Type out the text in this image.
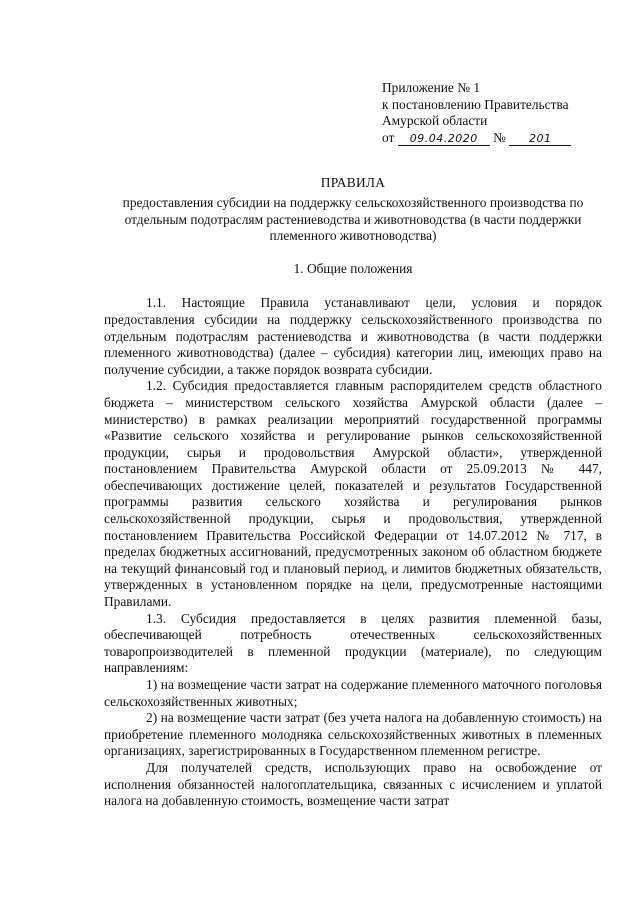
Приложение № 1
к постановлению Правительства
Амурской области
от 09.04.2020 № 201
ПРАВИЛА
предоставления субсидии на поддержку сельскохозяйственного производства по отдельным подотраслям растениеводства и животноводства (в части поддержки племенного животноводства)
1. Общие положения

1.1. Настоящие Правила устанавливают цели, условия и порядок предоставления субсидии на поддержку сельскохозяйственного производства по отдельным подотраслям растениеводства и животноводства (в части поддержки племенного животноводства) (далее – субсидия) категории лиц, имеющих право на получение субсидии, а также порядок возврата субсидии.

1.2. Субсидия предоставляется главным распорядителем средств областного бюджета – министерством сельского хозяйства Амурской области (далее – министерство) в рамках реализации мероприятий государственной программы «Развитие сельского хозяйства и регулирование рынков сельскохозяйственной продукции, сырья и продовольствия Амурской области», утвержденной постановлением Правительства Амурской области от 25.09.2013 № 447, обеспечивающих достижение целей, показателей и результатов Государственной программы развития сельского хозяйства и регулирования рынков сельскохозяйственной продукции, сырья и продовольствия, утвержденной постановлением Правительства Российской Федерации от 14.07.2012 № 717, в пределах бюджетных ассигнований, предусмотренных законом об областном бюджете на текущий финансовый год и плановый период, и лимитов бюджетных обязательств, утвержденных в установленном порядке на цели, предусмотренные настоящими Правилами.

1.3. Субсидия предоставляется в целях развития племенной базы, обеспечивающей потребность отечественных сельскохозяйственных товаропроизводителей в племенной продукции (материале), по следующим направлениям:

1) на возмещение части затрат на содержание племенного маточного поголовья сельскохозяйственных животных;

2) на возмещение части затрат (без учета налога на добавленную стоимость) на приобретение племенного молодняка сельскохозяйственных животных в племенных организациях, зарегистрированных в Государственном племенном регистре.

Для получателей средств, использующих право на освобождение от исполнения обязанностей налогоплательщика, связанных с исчислением и уплатой налога на добавленную стоимость, возмещение части затрат
